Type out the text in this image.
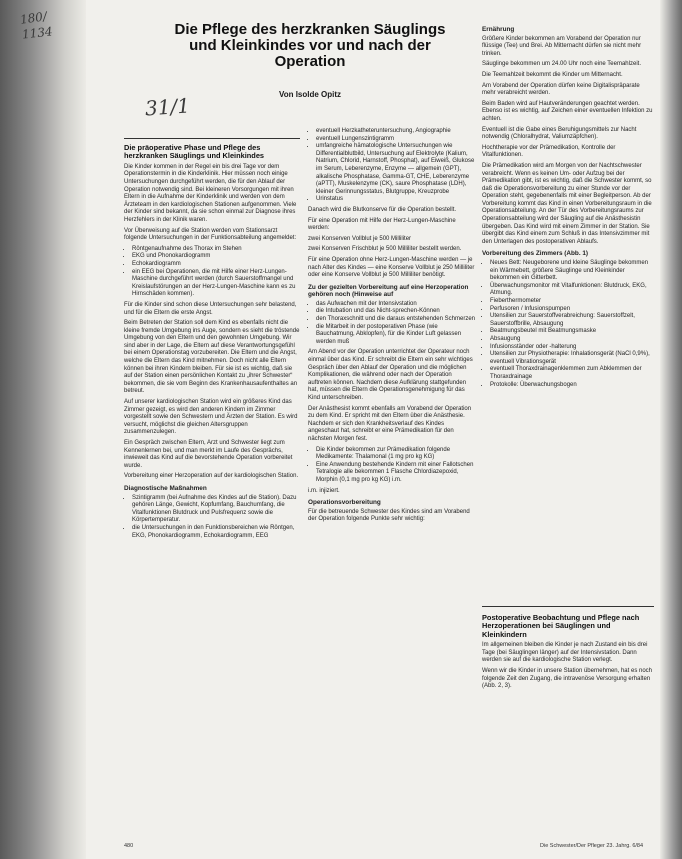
180/
1134
31/1
Die Pflege des herzkranken Säuglings und Kleinkindes vor und nach der Operation
Von Isolde Opitz
Die präoperative Phase und Pflege des herzkranken Säuglings und Kleinkindes

Die Kinder kommen in der Regel ein bis drei Tage vor dem Operationstermin in die Kinderklinik. Hier müssen noch einige Untersuchungen durchgeführt werden, die für den Ablauf der Operation notwendig sind. Bei kleineren Vorsorgungen mit ihren Eltern in die Aufnahme der Kinderklinik und werden von dem Ärzteteam in den kardiologischen Stationen aufgenommen. Viele der Kinder sind bekannt, da sie schon einmal zur Diagnose ihres Herzfehlers in der Klinik waren.

Vor Überweisung auf die Station werden vom Stationsarzt folgende Untersuchungen in der Funktionsabteilung angemeldet:

• Röntgenaufnahme des Thorax im Stehen
• EKG und Phonokardiogramm
• Echokardiogramm
• ein EEG bei Operationen, die mit Hilfe einer Herz-Lungen-Maschine durchgeführt werden (durch Sauerstoffmangel und Kreislaufstörungen an der Herz-Lungen-Maschine kann es zu Hirnschäden kommen).

Für die Kinder sind schon diese Untersuchungen sehr belastend, und für die Eltern die erste Angst.

Beim Betreten der Station soll dem Kind es ebenfalls nicht die kleine fremde Umgebung ins Auge, sondern es sieht die tröstende Umgebung von den Eltern und den gewohnten Umgebung. Wir sind aber in der Lage, die Eltern auf diese Verantwortungsgefühl bei einem Operationstag vorzubereiten. Die Eltern und die Angst, welche die Eltern das Kind mitnehmen. Doch nicht alle Eltern können bei ihren Kindern bleiben. Für sie ist es wichtig, daß sie auf der Station einen persönlichen Kontakt zu „ihrer Schwester“ bekommen, die sie vom Beginn des Krankenhausaufenthaltes an betreut.

Auf unserer kardiologischen Station wird ein größeres Kind das Zimmer gezeigt, es wird den anderen Kindern im Zimmer vorgestellt sowie den Schwestern und Ärzten der Station. Es wird versucht, möglichst die gleichen Altersgruppen zusammenzulegen.

Ein Gespräch zwischen Eltern, Arzt und Schwester liegt zum Kennenlernen bei, und man merkt im Laufe des Gesprächs, inwieweit das Kind auf die bevorstehende Operation vorbereitet wurde.

Vorbereitung einer Herzoperation auf der kardiologischen Station.

Diagnostische Maßnahmen
• Szintigramm (bei Aufnahme des Kindes auf die Station). Dazu gehören Länge, Gewicht, Kopfumfang, Bauchumfang, die Vitalfunktionen Blutdruck und Pulsfrequenz sowie die Körpertemperatur.
• die Untersuchungen in den Funktionsbereichen wie Röntgen, EKG, Phonokardiogramm, Echokardiogramm, EEG
• eventuell Herzkatheteruntersuchung, Angiographie
• eventuell Lungenszintigramm
• umfangreiche hämatologische Untersuchungen wie Differentialblutbild, Untersuchung auf Elektrolyte (Kalium, Natrium, Chlorid, Harnstoff, Phosphat), auf Eiweiß, Glukose im Serum, Leberenzyme, Enzyme — allgemein (GPT), alkalische Phosphatase, Gamma-GT, CHE, Leberenzyme (aPTT), Muskelenzyme (CK), saure Phosphatase (LDH), kleiner Gerinnungsstatus, Blutgruppe, Kreuzprobe
• Urinstatus

Danach wird die Blutkonserve für die Operation bestellt.

Für eine Operation mit Hilfe der Herz-Lungen-Maschine werden:

zwei Konserven Vollblut je 500 Milliliter

zwei Konserven Frischblut je 500 Milliliter bestellt werden.

Für eine Operation ohne Herz-Lungen-Maschine werden — je nach Alter des Kindes — eine Konserve Vollblut je 250 Milliliter oder eine Konserve Vollblut je 500 Milliliter benötigt.

Zu der gezielten Vorbereitung auf eine Herzoperation gehören noch (Hinweise auf
• das Aufwachen mit der Intensivstation
• die Intubation und das Nicht-sprechen-Können
• den Thoraxschnitt und die daraus entstehenden Schmerzen
• die Mitarbeit in der postoperativen Phase (wie Bauchatmung, Abklopfen), für die Kinder Luft gelassen werden muß

Am Abend vor der Operation unterrichtet der Operateur noch einmal über das Kind. Er schreibt die Eltern ein sehr wichtiges Gespräch über den Ablauf der Operation und die möglichen Komplikationen, die während oder nach der Operation auftreten können. Nachdem diese Aufklärung stattgefunden hat, müssen die Eltern die Operationsgenehmigung für das Kind unterschreiben.

Der Anästhesist kommt ebenfalls am Vorabend der Operation zu dem Kind. Er spricht mit den Eltern über die Anästhesie. Nachdem er sich den Krankheitsverlauf des Kindes angeschaut hat, schreibt er eine Prämedikation für den nächsten Morgen fest.

• Die Kinder bekommen zur Prämedikation folgende Medikamente: Thalamonal (1 mg pro kg KG)
• Eine Anwendung bestehende Kindern mit einer Fallotschen Tetralogie alle bekommen 1 Flasche Chlordiazepoxid, Morphin (0,1 mg pro kg KG) i.m.

i.m. injiziert.

Operationsvorbereitung

Für die betreuende Schwester des Kindes sind am Vorabend der Operation folgende Punkte sehr wichtig:

Ernährung

Größere Kinder bekommen am Vorabend der Operation nur flüssige (Tee) und Brei. Ab Mitternacht dürfen sie nicht mehr trinken.

Säuglinge bekommen um 24.00 Uhr noch eine Teemahlzeit.

Die Teemahlzeit bekommt die Kinder um Mitternacht.

Am Vorabend der Operation dürfen keine Digitalispräparate mehr verabreicht werden.

Beim Baden wird auf Hautveränderungen geachtet werden. Ebenso ist es wichtig, auf Zeichen einer eventuellen Infektion zu achten.

Eventuell ist die Gabe eines Beruhigungsmittels zur Nacht notwendig (Chloralhydrat, Valiumzäpfchen).

Hochtherapie vor der Prämedikation, Kontrolle der Vitalfunktionen.

Die Prämedikation wird am Morgen von der Nachtschwester verabreicht. Wenn es keinen Um- oder Aufzug bei der Prämedikation gibt, ist es wichtig, daß die Schwester kommt, so daß die Operationsvorbereitung zu einer Stunde vor der Operation steht, gegebenenfalls mit einer Begleitperson. Ab der Vorbereitung kommt das Kind in einen Vorbereitungsraum in die Operationsabteilung. An der Tür des Vorbereitungsraums zur Operationsabteilung wird der Säugling auf die Anästhesistin übergeben. Das Kind wird mit einem Zimmer in der Station. Sie übergibt das Kind einem zum Schluß in das Intensivzimmer mit den Unterlagen des postoperativen Ablaufs.

Vorbereitung des Zimmers (Abb. 1)
• Neues Bett: Neugeborene und kleine Säuglinge bekommen ein Wärmebett, größere Säuglinge und Kleinkinder bekommen ein Gitterbett.
• Überwachungsmonitor mit Vitalfunktionen: Blutdruck, EKG, Atmung.
• Fieberthermometer
• Perfusoren / Infusionspumpen
• Utensilien zur Sauerstoffverabreichung: Sauerstoffzelt, Sauerstoffbrille, Absaugung
• Beatmungsbeutel mit Beatmungsmaske
• Absaugung
• Infusionsständer oder -halterung
• Utensilien zur Physiotherapie: Inhalationsgerät (NaCl 0,9%), eventuell Vibrationsgerät
• eventuell Thoraxdrainagenklemmen zum Abklemmen der Thoraxdrainage
• Protokolle: Überwachungsbogen
Postoperative Beobachtung und Pflege nach Herzoperationen bei Säuglingen und Kleinkindern

Im allgemeinen bleiben die Kinder je nach Zustand ein bis drei Tage (bei Säuglingen länger) auf der Intensivstation. Dann werden sie auf die kardiologische Station verlegt.

Wenn wir die Kinder in unsere Station übernehmen, hat es noch folgende Zeit den Zugang, die intravenöse Versorgung erhalten (Abb. 2, 3).

480	Die Schwester/Der Pfleger 23. Jahrg. 6/84
